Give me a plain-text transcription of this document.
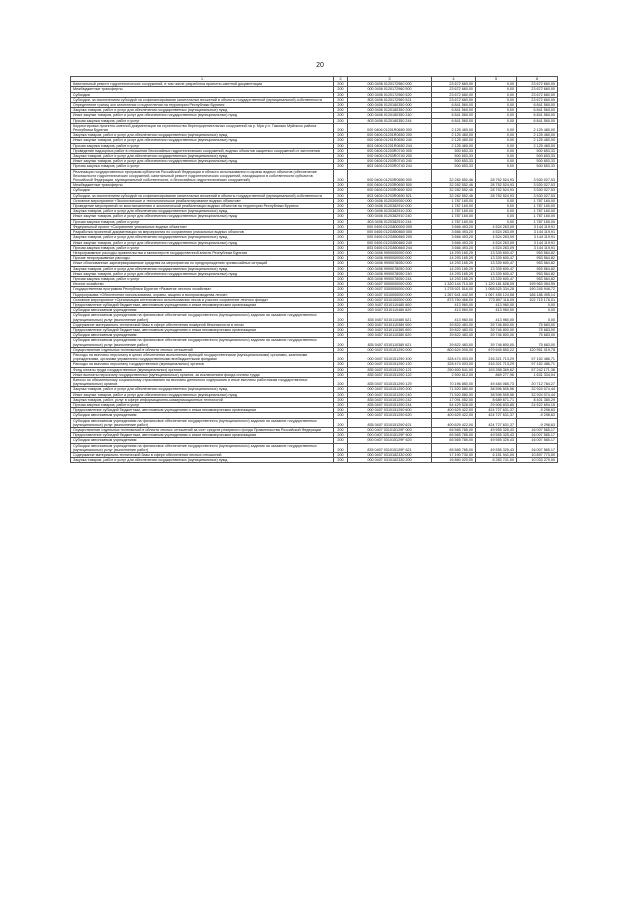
20
1	2	3	4	5	6
Капитальный ремонт гидротехнических сооружений, в том числе разработка проектно-сметной документации	200	000 0406 0120172960 000	23 672 660,00	0,00	23 672 660,00
Межбюджетные трансферты	200	000 0406 0120172960 500	23 672 660,00	0,00	23 672 660,00
Субсидии	200	000 0406 0120172960 520	23 672 660,00	0,00	23 672 660,00
Субсидии, за исключением субсидий на софинансирование капитальных вложений в объекты государственной (муниципальной) собственности	200	803 0406 0120172960 521	23 672 660,00	0,00	23 672 660,00
Определение границ зон затопления и подтопления на территории Республики Бурятия	200	000 0406 0120180350 000	6 841 560,00	0,00	6 841 560,00
Закупка товаров, работ и услуг для обеспечения государственных (муниципальных) нужд	200	000 0406 0120180350 200	6 841 560,00	0,00	6 841 560,00
Иные закупки товаров, работ и услуг для обеспечения государственных (муниципальных) нужд	200	000 0406 0120180350 240	6 841 560,00	0,00	6 841 560,00
Прочая закупка товаров, работ и услуг	200	803 0406 0120180350 244	6 841 560,00	0,00	6 841 560,00
Корректировка проектно-сметной документации на строительство берегоукрепительных сооружений на р. Муя у п. Таксимо Муйского района Республики Бурятия	200	000 0406 01201R0650 000	2 125 480,00	0,00	2 125 480,00
Закупка товаров, работ и услуг для обеспечения государственных (муниципальных) нужд	200	000 0406 01201R0650 200	2 125 480,00	0,00	2 125 480,00
Иные закупки товаров, работ и услуг для обеспечения государственных (муниципальных) нужд	200	000 0406 01201R0650 240	2 125 480,00	0,00	2 125 480,00
Прочая закупка товаров, работ и услуг	200	803 0406 01201R0650 244	2 125 480,00	0,00	2 125 480,00
Проведение надзорных работ в отношении бесхозяйных гидротехнических сооружений, водных объектов защитных сооружений от затопления	200	000 0406 01203R0740 000	500 653,33	0,00	500 653,33
Закупка товаров, работ и услуг для обеспечения государственных (муниципальных) нужд	200	000 0406 01203R0740 200	500 653,33	0,00	500 653,33
Иные закупки товаров, работ и услуг для обеспечения государственных (муниципальных) нужд	200	000 0406 01203R0740 240	500 653,33	0,00	500 653,33
Прочая закупка товаров, работ и услуг	200	803 0406 01203R0740 244	500 653,33	0,00	500 653,33
Реализация государственных программ субъектов Российской Федерации в области использования и охраны водных объектов (обеспечение безопасности гидротехнических сооружений, капитальный ремонт гидротехнических сооружений, находящихся в собственности субъектов Российской Федерации, муниципальной собственности, и бесхозяйных гидротехнических сооружений)	200	000 0406 01203R0650 000	32 282 552,46	28 752 524,93	3 530 027,53
Межбюджетные трансферты	200	000 0406 01203R0650 500	32 282 552,46	28 752 524,93	3 530 027,53
Субсидии	200	000 0406 01203R0650 520	32 282 552,46	28 752 524,93	3 530 027,53
Субсидии, за исключением субсидий на софинансирование капитальных вложений в объекты государственной (муниципальной) собственности	200	803 0406 01203R0650 521	32 282 552,46	28 752 524,93	3 530 027,53
Основное мероприятие «Экологическое и технологическое реабилитирование водных объектов»	200	000 0406 0120300000 000	1 787 160,00	0,00	1 787 160,00
Проведение мероприятий по восстановлению и экологической реабилитации водных объектов на территории Республики Бурятия	200	000 0406 0120382910 000	1 787 160,00	0,00	1 787 160,00
Закупка товаров, работ и услуг для обеспечения государственных (муниципальных) нужд	200	000 0406 0120382910 200	1 787 160,00	0,00	1 787 160,00
Иные закупки товаров, работ и услуг для обеспечения государственных (муниципальных) нужд	200	000 0406 0120382910 240	1 787 160,00	0,00	1 787 160,00
Прочая закупка товаров, работ и услуг	200	803 0406 0120382910 244	1 787 160,00	0,00	1 787 160,00
Федеральный проект «Сохранение уникальных водных объектов»	200	000 0406 012G800000 000	3 666 493,20	4 524 263,09	3 144 119,91
Разработка проектной документации на мероприятия по сохранению уникальных водных объектов	200	000 0406 012G850660 000	3 666 493,20	4 524 263,09	3 144 119,91
Закупка товаров, работ и услуг для обеспечения государственных (муниципальных) нужд	200	000 0406 012G850660 200	3 666 493,20	4 524 263,09	3 144 119,91
Иные закупки товаров, работ и услуг для обеспечения государственных (муниципальных) нужд	200	000 0406 012G850660 240	3 666 493,20	4 524 263,09	3 144 119,91
Прочая закупка товаров, работ и услуг	200	803 0406 012G850660 244	3 666 493,20	4 524 263,09	3 144 119,91
Непрограммные расходы правительства и министерств государственной власти Республики Бурятия	200	000 0406 9900000000 000	14 293 165,29	13 339 600,47	953 564,82
Прочие непрограммные расходы	200	000 0406 9990000000 000	14 293 165,29	13 339 600,47	953 564,82
Иные обоснованные зарезервированные средства на мероприятия по предупреждению чрезвычайных ситуаций	200	000 0406 9990078050 000	14 293 165,29	13 339 600,47	953 564,82
Закупка товаров, работ и услуг для обеспечения государственных (муниципальных) нужд	200	000 0406 9990078050 200	14 293 165,29	13 339 600,47	953 564,82
Иные закупки товаров, работ и услуг для обеспечения государственных (муниципальных) нужд	200	000 0406 9990078050 240	14 293 165,29	13 339 600,47	953 564,82
Прочая закупка товаров, работ и услуг	200	803 0406 9990078050 244	14 293 165,29	13 339 600,47	953 564,82
Лесное хозяйство	200	000 0407 0000000000 000	1 320 144 713,00	1 120 181 628,05	199 963 084,95
Государственная программа Республики Бурятия «Развитие лесного хозяйства»	200	000 0407 0300000000 000	1 278 921 516,00	1 068 525 334,28	190 245 946,72
Подпрограмма «Обеспечение использования, охраны, защиты и воспроизводства лесов»	200	000 0407 0310000000 000	1 267 641 442,00	1 067 455 124,58	186 186 495,14
Основное мероприятие «Организация интенсивного использования лесов и участие сохранение лесного фонда»	200	000 0407 0310100000 000	873 760 466,00	773 807 116,05	102 715 176,01
Предоставление субсидий бюджетным, автономным учреждениям и иным некоммерческим организациям	200	000 0407 0310110480 600	413 960,00	413 960,00	0,00
Субсидии автономным учреждениям	200	000 0407 0310110480 620	413 960,00	413 960,00	0,00
Субсидии автономным учреждениям на финансовое обеспечение государственного (муниципального) задания на оказание государственных (муниципальных) услуг (выполнение работ)	200	835 0407 0310110480 621	413 960,00	413 960,00	0,00
Содержание материально-технической базы в сфере обеспечения пожарной безопасности в лесах	200	000 0407 0310110380 000	39 822 483,00	39 746 800,00	75 683,00
Предоставление субсидий бюджетным, автономным учреждениям и иным некоммерческим организациям	200	000 0407 0310110380 600	39 822 483,00	39 746 800,00	75 683,00
Субсидии автономным учреждениям	200	000 0407 0310110380 620	39 822 483,00	39 746 800,00	75 683,00
Субсидии автономным учреждениям на финансовое обеспечение государственного (муниципального) задания на оказание государственных (муниципальных) услуг (выполнение работ)	200	835 0407 0310110380 621	39 822 483,00	39 746 800,00	75 683,00
Осуществление отдельных полномочий в области лесных отношений	200	000 0407 0310151290 000	800 624 005,00	679 645 850,22	120 951 019,78
Расходы на выплаты персоналу в целях обеспечения выполнения функций государственными (муниципальными) органами, казенными учреждениями, органами управления государственными внебюджетными фондами	200	000 0407 0310151290 100	328 474 003,00	216 321 713,29	97 152 486,71
Расходы на выплаты персоналу государственных (муниципальных) органов	200	000 0407 0310151290 120	328 474 003,00	216 321 713,29	97 152 486,71
Фонд оплаты труда государственных (муниципальных) органов	200	835 0407 0310151290 121	250 600 541,00	193 358 369,62	57 242 171,38
Иные выплаты персоналу государственных (муниципальных) органов, за исключением фонда оплаты труда	200	835 0407 0310151290 122	2 500 612,00	869 277,96	1 631 334,04
Взносы по обязательному социальному страхованию на выплаты денежного содержания и иные выплаты работникам государственных (муниципальных) органов	200	835 0407 0310151290 129	70 196 850,00	49 484 065,73	20 712 784,27
Закупка товаров, работ и услуг для обеспечения государственных (муниципальных) нужд	200	000 0407 0310151290 200	71 520 580,00	38 596 505,56	32 924 074,44
Иные закупки товаров, работ и услуг для обеспечения государственных (муниципальных) нужд	200	000 0407 0310151290 240	71 520 580,00	38 596 505,56	32 924 074,44
Закупка товаров, работ, услуг в сфере информационно-коммуникационных технологий	200	835 0407 0310151290 242	17 091 052,00	8 689 671,71	8 401 380,29
Прочая закупка товаров, работ и услуг	200	835 0407 0310151290 244	54 429 528,00	29 906 833,85	24 522 694,15
Предоставление субсидий бюджетным, автономным учреждениям и иным некоммерческим организациям	200	000 0407 0310151290 600	400 629 422,00	424 727 631,37	-9 298,63
Субсидии автономным учреждениям	200	000 0407 0310151290 620	400 629 422,00	424 727 631,37	-9 298,63
Субсидии автономным учреждениям на финансовое обеспечение государственного (муниципального) задания на оказание государственных (муниципальных) услуг (выполнение работ)	200	835 0407 0310151290 621	400 629 422,00	424 727 631,37	-9 298,63
Осуществление отдельных полномочий в области лесных отношений за счет средств резервного фонда Правительства Российской Федерации	200	000 0407 031015129F 000	65 565 785,00	49 555 325,43	16 007 565,17
Предоставление субсидий бюджетным, автономным учреждениям и иным некоммерческим организациям	200	000 0407 031015129F 600	65 565 785,00	49 555 325,43	16 007 565,17
Субсидии автономным учреждениям	200	000 0407 031015129F 620	65 565 785,00	49 555 325,43	16 007 565,17
Субсидии автономным учреждениям на финансовое обеспечение государственного (муниципального) задания на оказание государственных (муниципальных) услуг (выполнение работ)	200	835 0407 031015129F 621	65 565 785,00	49 555 325,43	16 007 565,17
Содержание материально-технической базы в сфере обеспечения лесных отношений	200	000 0407 0310182330 000	17 190 730,00	6 151 941,00	10 897 773,00
Закупка товаров, работ и услуг для обеспечения государственных (муниципальных) нужд	200	000 0407 0310182330 200	16 860 020,00	6 283 741,00	10 033 279,00
